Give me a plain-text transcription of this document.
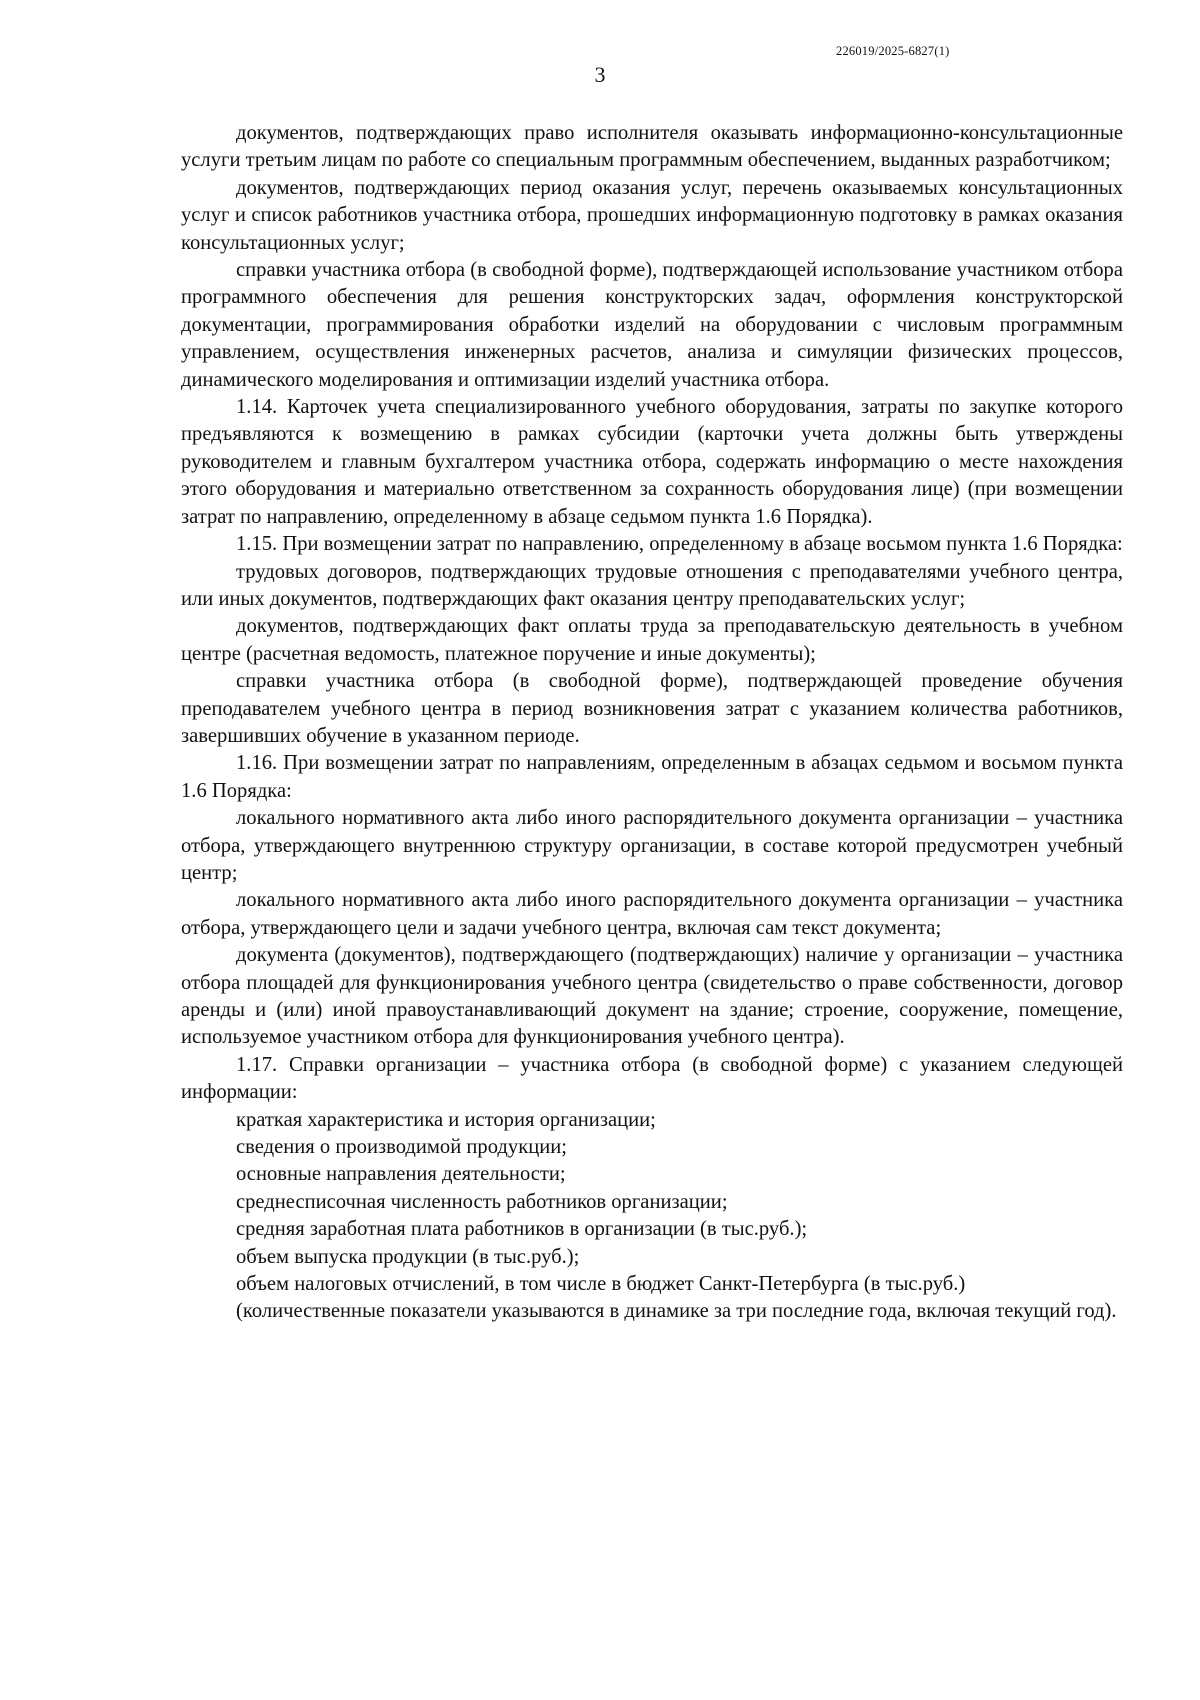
226019/2025-6827(1)
3

документов, подтверждающих право исполнителя оказывать информационно-консультационные услуги третьим лицам по работе со специальным программным обеспечением, выданных разработчиком;

документов, подтверждающих период оказания услуг, перечень оказываемых консультационных услуг и список работников участника отбора, прошедших информационную подготовку в рамках оказания консультационных услуг;

справки участника отбора (в свободной форме), подтверждающей использование участником отбора программного обеспечения для решения конструкторских задач, оформления конструкторской документации, программирования обработки изделий на оборудовании с числовым программным управлением, осуществления инженерных расчетов, анализа и симуляции физических процессов, динамического моделирования и оптимизации изделий участника отбора.

1.14. Карточек учета специализированного учебного оборудования, затраты по закупке которого предъявляются к возмещению в рамках субсидии (карточки учета должны быть утверждены руководителем и главным бухгалтером участника отбора, содержать информацию о месте нахождения этого оборудования и материально ответственном за сохранность оборудования лице) (при возмещении затрат по направлению, определенному в абзаце седьмом пункта 1.6 Порядка).

1.15. При возмещении затрат по направлению, определенному в абзаце восьмом пункта 1.6 Порядка:

трудовых договоров, подтверждающих трудовые отношения с преподавателями учебного центра, или иных документов, подтверждающих факт оказания центру преподавательских услуг;

документов, подтверждающих факт оплаты труда за преподавательскую деятельность в учебном центре (расчетная ведомость, платежное поручение и иные документы);

справки участника отбора (в свободной форме), подтверждающей проведение обучения преподавателем учебного центра в период возникновения затрат с указанием количества работников, завершивших обучение в указанном периоде.

1.16. При возмещении затрат по направлениям, определенным в абзацах седьмом и восьмом пункта 1.6 Порядка:

локального нормативного акта либо иного распорядительного документа организации – участника отбора, утверждающего внутреннюю структуру организации, в составе которой предусмотрен учебный центр;

локального нормативного акта либо иного распорядительного документа организации – участника отбора, утверждающего цели и задачи учебного центра, включая сам текст документа;

документа (документов), подтверждающего (подтверждающих) наличие у организации – участника отбора площадей для функционирования учебного центра (свидетельство о праве собственности, договор аренды и (или) иной правоустанавливающий документ на здание; строение, сооружение, помещение, используемое участником отбора для функционирования учебного центра).

1.17. Справки организации – участника отбора (в свободной форме) с указанием следующей информации:

краткая характеристика и история организации;

сведения о производимой продукции;

основные направления деятельности;

среднесписочная численность работников организации;

средняя заработная плата работников в организации (в тыс.руб.);

объем выпуска продукции (в тыс.руб.);

объем налоговых отчислений, в том числе в бюджет Санкт-Петербурга (в тыс.руб.)

(количественные показатели указываются в динамике за три последние года, включая текущий год).
